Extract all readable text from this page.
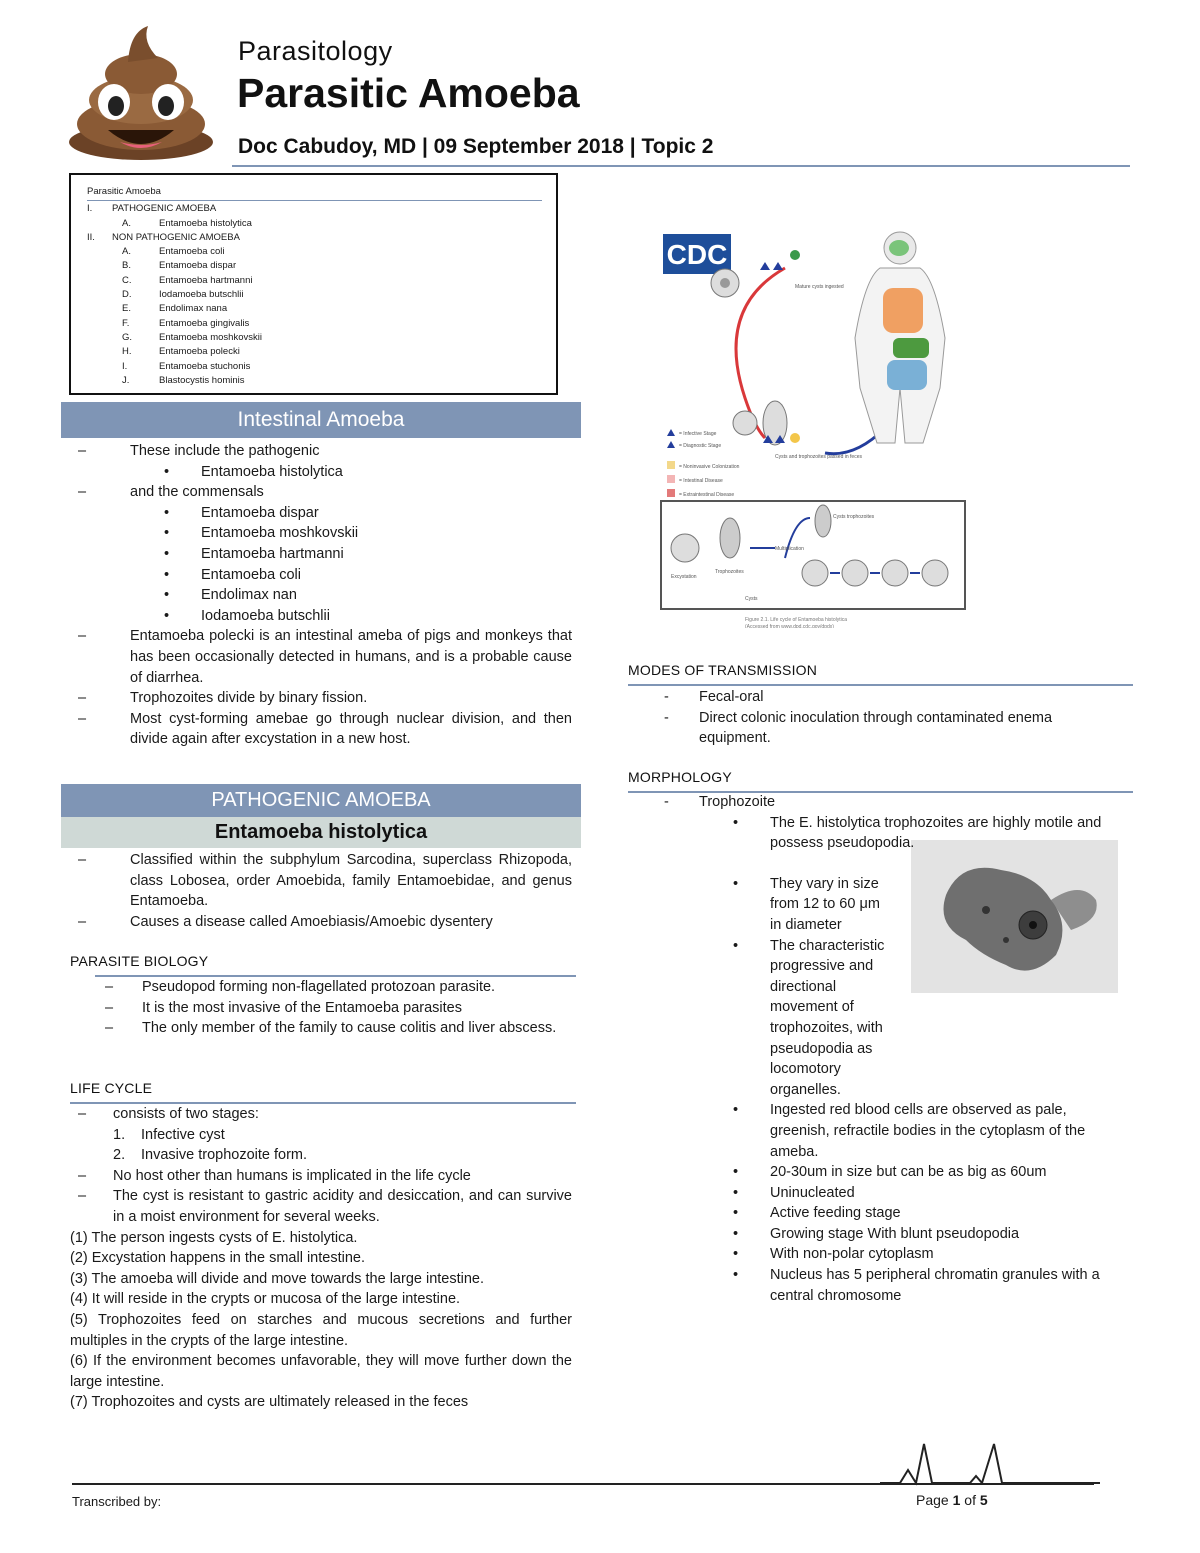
Parasitology
Parasitic Amoeba
Doc Cabudoy, MD | 09 September 2018 | Topic 2
Parasitic Amoeba
I.	PATHOGENIC AMOEBA
A.	Entamoeba histolytica
II.	NON PATHOGENIC AMOEBA
A.	Entamoeba coli
B.	Entamoeba dispar
C.	Entamoeba hartmanni
D.	Iodamoeba butschlii
E.	Endolimax nana
F.	Entamoeba gingivalis
G.	Entamoeba moshkovskii
H.	Entamoeba polecki
I.	Entamoeba stuchonis
J.	Blastocystis hominis
Intestinal Amoeba
–	These include the pathogenic
• Entamoeba histolytica
–	and the commensals
• Entamoeba dispar
• Entamoeba moshkovskii
• Entamoeba hartmanni
• Entamoeba coli
• Endolimax nan
• Iodamoeba butschlii
–	Entamoeba polecki is an intestinal ameba of pigs and monkeys that has been occasionally detected in humans, and is a probable cause of diarrhea.
–	Trophozoites divide by binary fission.
–	Most cyst-forming amebae go through nuclear division, and then divide again after excystation in a new host.
PATHOGENIC AMOEBA
Entamoeba histolytica
–	Classified within the subphylum Sarcodina, superclass Rhizopoda, class Lobosea, order Amoebida, family Entamoebidae, and genus Entamoeba.
–	Causes a disease called Amoebiasis/Amoebic dysentery
PARASITE BIOLOGY
– Pseudopod forming non-flagellated protozoan parasite.
– It is the most invasive of the Entamoeba parasites
– The only member of the family to cause colitis and liver abscess.
LIFE CYCLE
– consists of two stages:
1. Infective cyst
2. Invasive trophozoite form.
– No host other than humans is implicated in the life cycle
– The cyst is resistant to gastric acidity and desiccation, and can survive in a moist environment for several weeks.
(1) The person ingests cysts of E. histolytica.
(2) Excystation happens in the small intestine.
(3) The amoeba will divide and move towards the large intestine.
(4) It will reside in the crypts or mucosa of the large intestine.
(5) Trophozoites feed on starches and mucous secretions and further multiples in the crypts of the large intestine.
(6) If the environment becomes unfavorable, they will move further down the large intestine.
(7) Trophozoites and cysts are ultimately released in the feces
CDC
Mature cysts ingested
Cysts and trophozoites passed in feces
= Infective Stage
= Diagnostic Stage
= Noninvasive Colonization
= Intestinal Disease
= Extraintestinal Disease
Excystation
Trophozoites
Multiplication
Cysts
Cysts trophozoites
Figure 2.1. Life cycle of Entamoeba histolytica
(Accessed from www.dpd.cdc.gov/dpdx)
MODES OF TRANSMISSION
- Fecal-oral
- Direct colonic inoculation through contaminated enema equipment.
MORPHOLOGY
- Trophozoite
• The E. histolytica trophozoites are highly motile and possess pseudopodia.
• They vary in size from 12 to 60 μm in diameter
• The characteristic progressive and directional movement of trophozoites, with pseudopodia as locomotory organelles.
• Ingested red blood cells are observed as pale, greenish, refractile bodies in the cytoplasm of the ameba.
• 20-30um in size but can be as big as 60um
• Uninucleated
• Active feeding stage
• Growing stage With blunt pseudopodia
• With non-polar cytoplasm
• Nucleus has 5 peripheral chromatin granules with a central chromosome
Transcribed by:	Page 1 of 5
